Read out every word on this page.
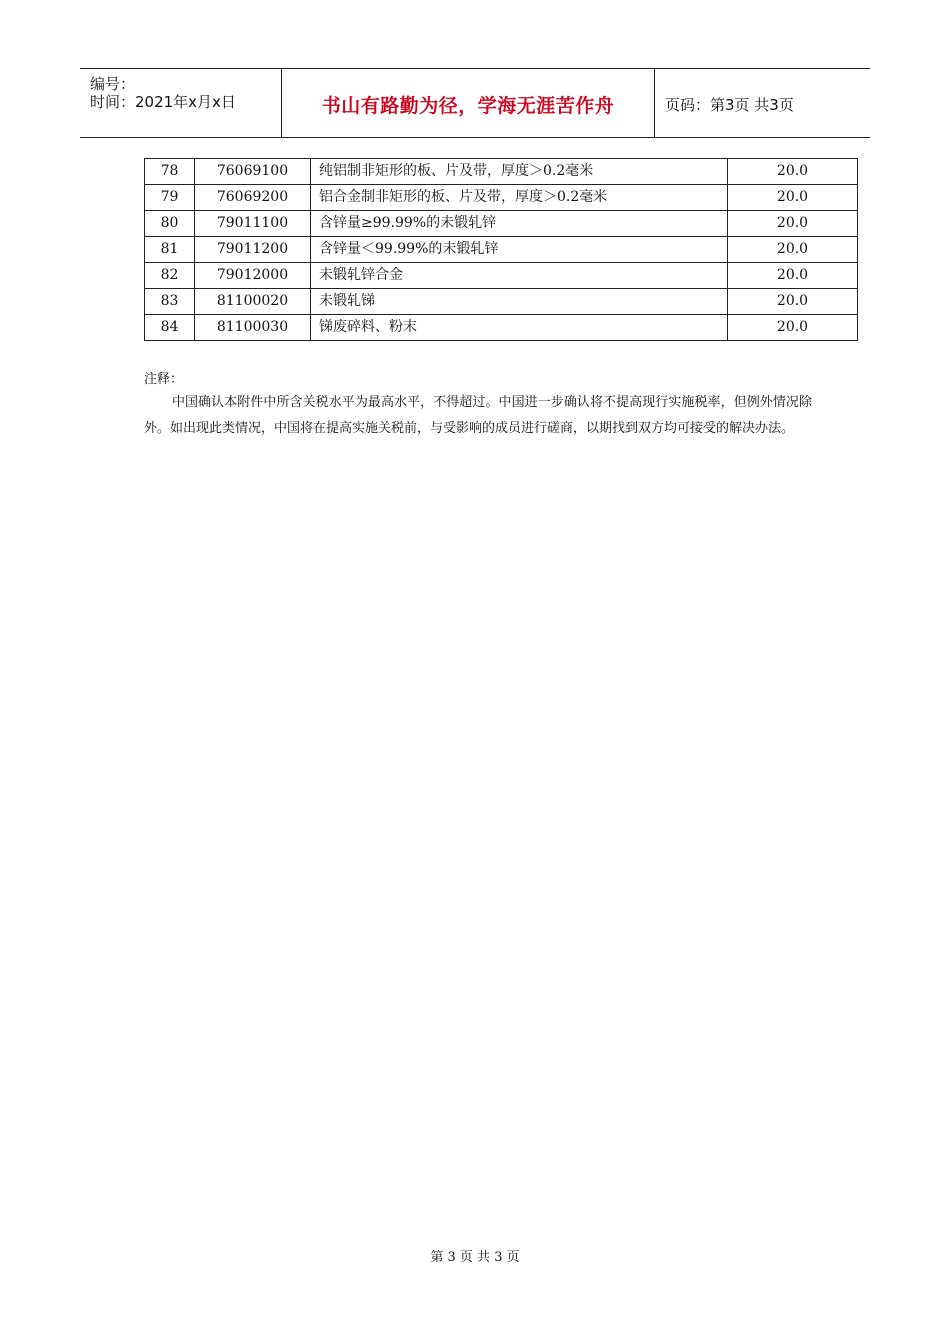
编号：
时间：2021年x月x日	书山有路勤为径，学海无涯苦作舟	页码：第3页 共3页
78	76069100	纯铝制非矩形的板、片及带，厚度＞0.2毫米	20.0
79	76069200	铝合金制非矩形的板、片及带，厚度＞0.2毫米	20.0
80	79011100	含锌量≥99.99%的未锻轧锌	20.0
81	79011200	含锌量＜99.99%的未锻轧锌	20.0
82	79012000	未锻轧锌合金	20.0
83	81100020	未锻轧锑	20.0
84	81100030	锑废碎料、粉末	20.0
注释：
中国确认本附件中所含关税水平为最高水平，不得超过。中国进一步确认将不提高现行实施税率，但例外情况除外。如出现此类情况，中国将在提高实施关税前，与受影响的成员进行磋商，以期找到双方均可接受的解决办法。
第 3 页 共 3 页
